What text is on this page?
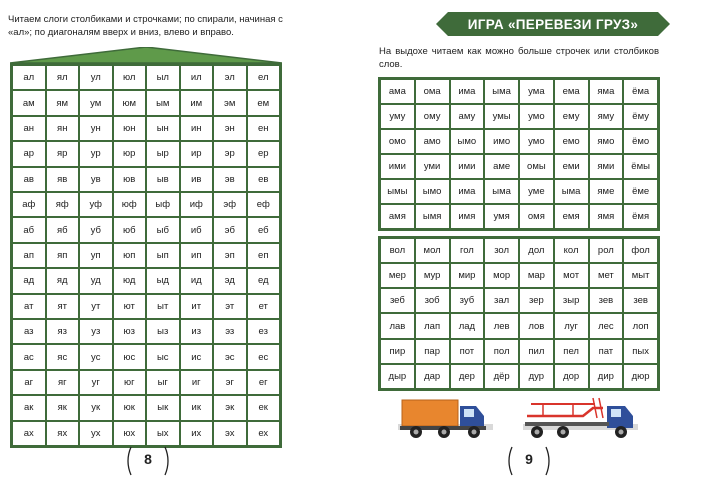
Читаем слоги столбиками и строчками; по спирали, начиная с «ал»; по диагоналям вверх и вниз, влево и вправо.
ал	ял	ул	юл	ыл	ил	эл	ел
ам	ям	ум	юм	ым	им	эм	ем
ан	ян	ун	юн	ын	ин	эн	ен
ар	яр	ур	юр	ыр	ир	эр	ер
ав	яв	ув	юв	ыв	ив	эв	ев
аф	яф	уф	юф	ыф	иф	эф	еф
аб	яб	уб	юб	ыб	иб	эб	еб
ап	яп	уп	юп	ып	ип	эп	еп
ад	яд	уд	юд	ыд	ид	эд	ед
ат	ят	ут	ют	ыт	ит	эт	ет
аз	яз	уз	юз	ыз	из	эз	ез
ас	яс	ус	юс	ыс	ис	эс	ес
аг	яг	уг	юг	ыг	иг	эг	ег
ак	як	ук	юк	ык	ик	эк	ек
ах	ях	ух	юх	ых	их	эх	ех
8
ИГРА «ПЕРЕВЕЗИ ГРУЗ»
На выдохе читаем как можно больше строчек или столбиков слов.
ама	ома	има	ыма	ума	ема	яма	ёма
уму	ому	аму	умы	умо	ему	яму	ёму
омо	амо	ымо	имо	умо	емо	ямо	ёмо
ими	уми	ими	аме	омы	еми	ями	ёмы
ымы	ымо	има	ыма	уме	ыма	яме	ёме
амя	ымя	имя	умя	омя	емя	ямя	ёмя
вол	мол	гол	зол	дол	кол	рол	фол
мер	мур	мир	мор	мар	мот	мет	мыт
зеб	зоб	зуб	зал	зер	зыр	зев	зев
лав	лап	лад	лев	лов	луг	лес	лоп
пир	пар	пот	пол	пил	пел	пат	пых
дыр	дар	дер	дёр	дур	дор	дир	дюр
9
